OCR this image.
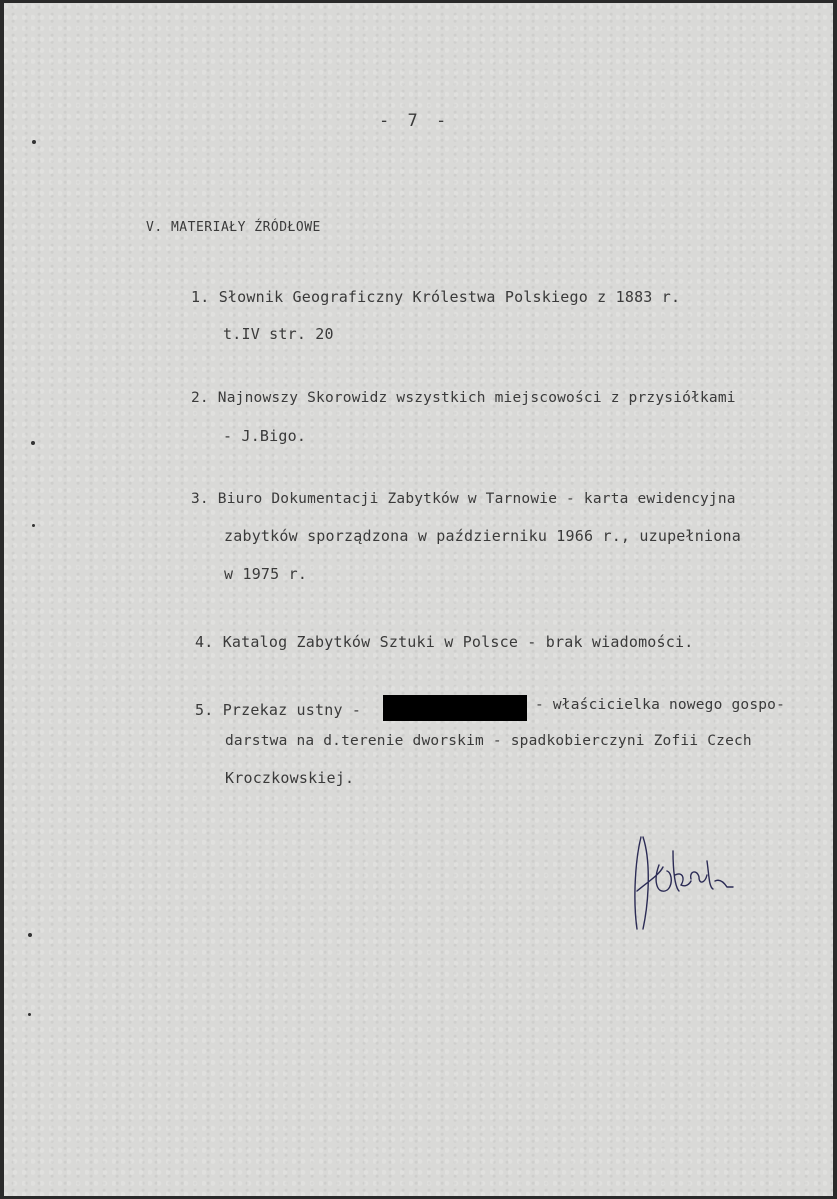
- 7 -
V. MATERIAŁY ŹRÓDŁOWE
1. Słownik Geograficzny Królestwa Polskiego z 1883 r.
t.IV str. 20
2. Najnowszy Skorowidz wszystkich miejscowości z przysiółkami
- J.Bigo.
3. Biuro Dokumentacji Zabytków w Tarnowie - karta ewidencyjna
zabytków sporządzona w październiku 1966 r., uzupełniona
w 1975 r.
4. Katalog Zabytków Sztuki w Polsce - brak wiadomości.
5. Przekaz ustny -	- właścicielka nowego gospo-
darstwa na d.terenie dworskim - spadkobierczyni Zofii Czech
Kroczkowskiej.
